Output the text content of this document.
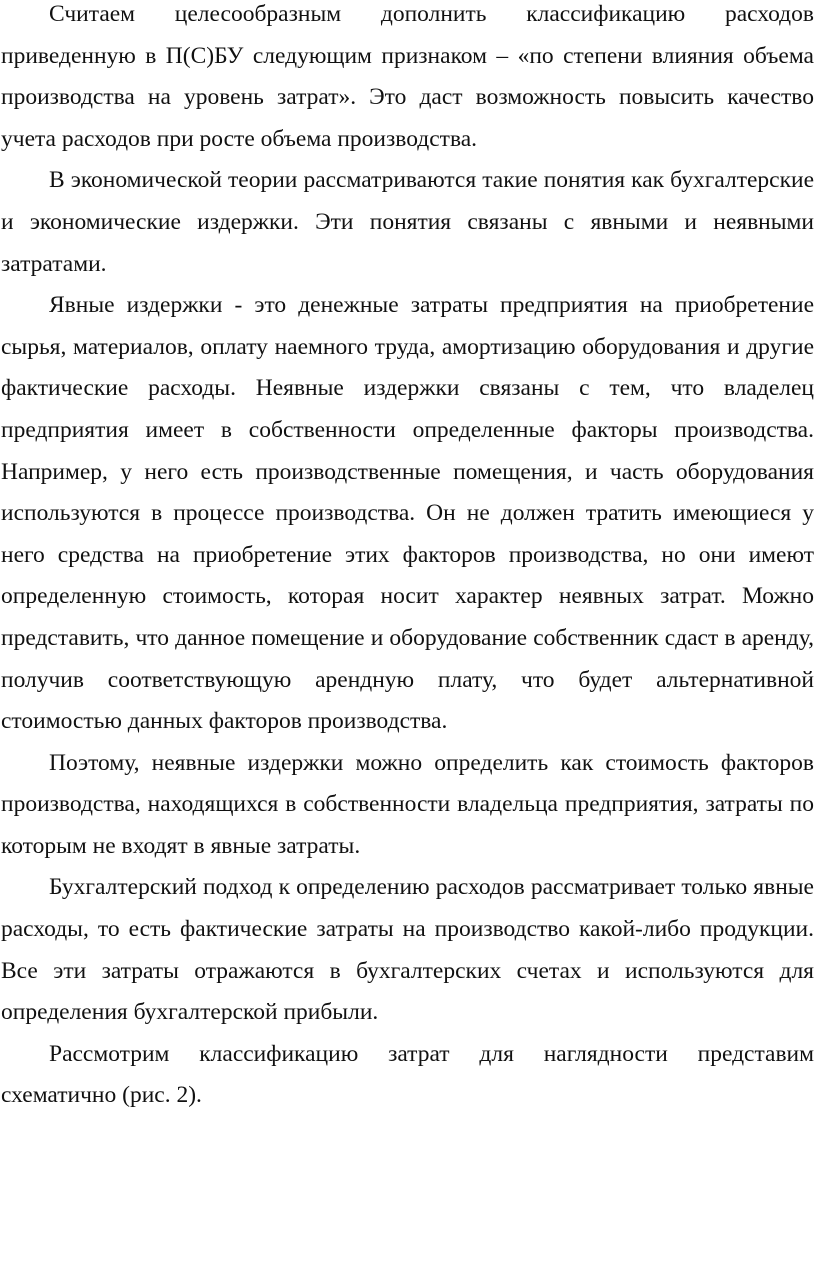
Считаем целесообразным дополнить классификацию расходов приведенную в П(С)БУ следующим признаком – «по степени влияния объема производства на уровень затрат». Это даст возможность повысить качество учета расходов при росте объема производства.

В экономической теории рассматриваются такие понятия как бухгалтерские и экономические издержки. Эти понятия связаны с явными и неявными затратами.

Явные издержки - это денежные затраты предприятия на приобретение сырья, материалов, оплату наемного труда, амортизацию оборудования и другие фактические расходы. Неявные издержки связаны с тем, что владелец предприятия имеет в собственности определенные факторы производства. Например, у него есть производственные помещения, и часть оборудования используются в процессе производства. Он не должен тратить имеющиеся у него средства на приобретение этих факторов производства, но они имеют определенную стоимость, которая носит характер неявных затрат. Можно представить, что данное помещение и оборудование собственник сдаст в аренду, получив соответствующую арендную плату, что будет альтернативной стоимостью данных факторов производства.

Поэтому, неявные издержки можно определить как стоимость факторов производства, находящихся в собственности владельца предприятия, затраты по которым не входят в явные затраты.

Бухгалтерский подход к определению расходов рассматривает только явные расходы, то есть фактические затраты на производство какой-либо продукции. Все эти затраты отражаются в бухгалтерских счетах и используются для определения бухгалтерской прибыли.

Рассмотрим классификацию затрат для наглядности представим схематично (рис. 2).
